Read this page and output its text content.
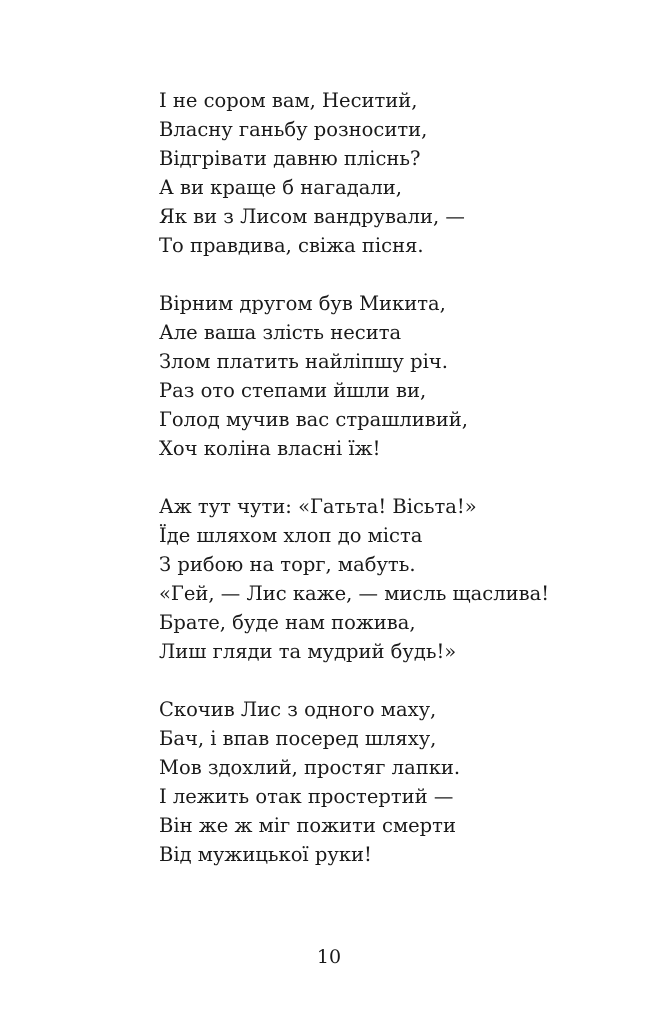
І не сором вам, Неситий,
Власну ганьбу розносити,
Відгрівати давню пліснь?
А ви краще б нагадали,
Як ви з Лисом вандрували, —
То правдива, свіжа пісня.
Вірним другом був Микита,
Але ваша злість несита
Злом платить найліпшу річ.
Раз ото степами йшли ви,
Голод мучив вас страшливий,
Хоч коліна власні їж!
Аж тут чути: «Гатьта! Вісьта!»
Їде шляхом хлоп до міста
З рибою на торг, мабуть.
«Гей, — Лис каже, — мисль щаслива!
Брате, буде нам пожива,
Лиш гляди та мудрий будь!»
Скочив Лис з одного маху,
Бач, і впав посеред шляху,
Мов здохлий, простяг лапки.
І лежить отак простертий —
Він же ж міг пожити смерти
Від мужицької руки!
10
